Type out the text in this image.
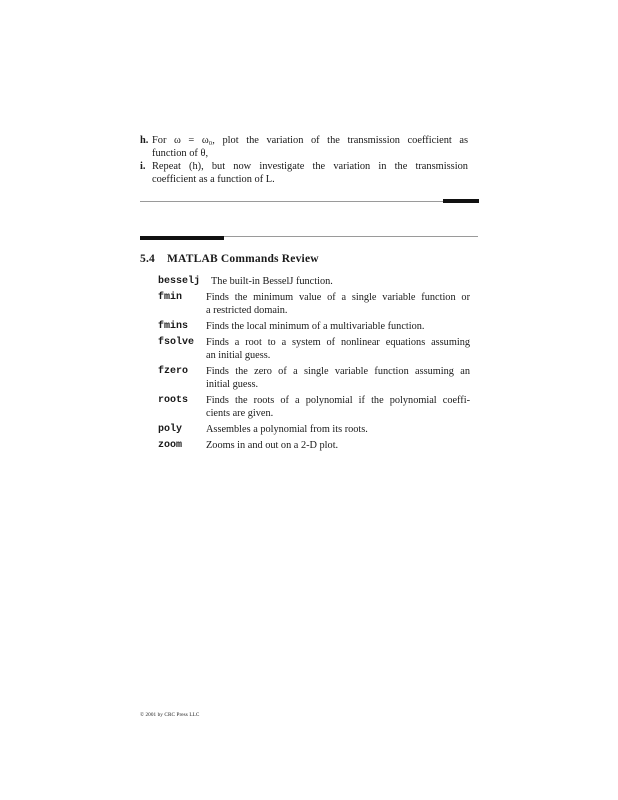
h. For ω = ω₀, plot the variation of the transmission coefficient as
function of θ,
i. Repeat (h), but now investigate the variation in the transmission
coefficient as a function of L.
5.4 MATLAB Commands Review
besselj The built-in BesselJ function.
fmin Finds the minimum value of a single variable function or
a restricted domain.
fmins Finds the local minimum of a multivariable function.
fsolve Finds a root to a system of nonlinear equations assuming
an initial guess.
fzero Finds the zero of a single variable function assuming an
initial guess.
roots Finds the roots of a polynomial if the polynomial coeffi-
cients are given.
poly Assembles a polynomial from its roots.
zoom Zooms in and out on a 2-D plot.
© 2001 by CRC Press LLC
